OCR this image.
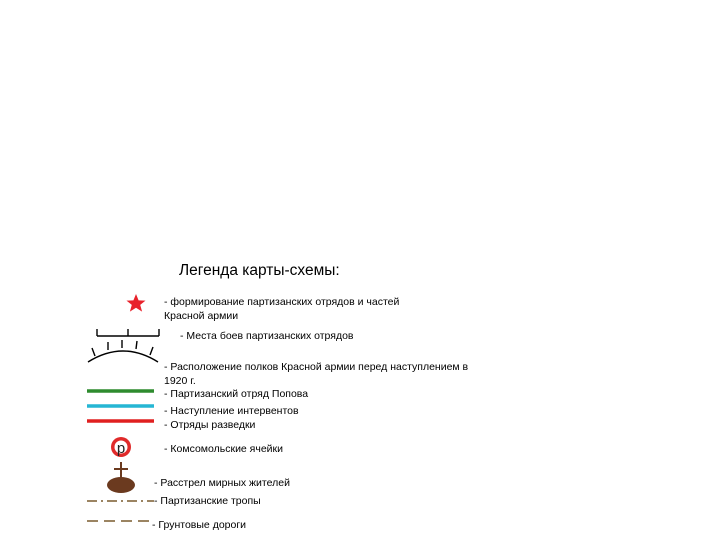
Легенда карты-схемы:
р
- формирование партизанских отрядов и частей
Красной армии
- Места боев партизанских отрядов
- Расположение полков Красной армии перед наступлением в
1920 г.
- Партизанский отряд Попова
- Наступление интервентов
- Отряды разведки
- Комсомольские ячейки
- Расстрел мирных жителей
- Партизанские тропы
- Грунтовые дороги
